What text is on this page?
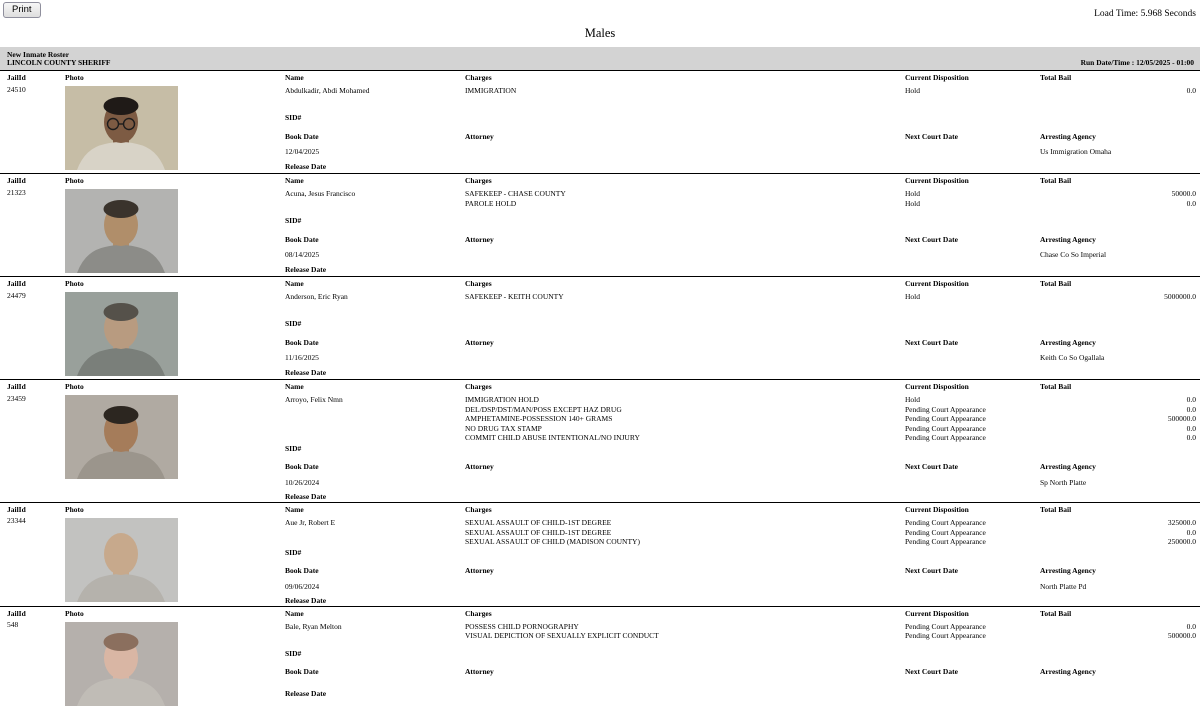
Print	Load Time: 5.968 Seconds
Males
New Inmate Roster
LINCOLN COUNTY SHERIFF	Run Date/Time : 12/05/2025 - 01:00
JailId
24510
Photo	Name	Charges	Current Disposition	Total Bail
Abdulkadir, Abdi Mohamed	IMMIGRATION	Hold	0.0
SID#
Book Date	Attorney	Next Court Date	Arresting Agency
12/04/2025	Us Immigration Omaha
Release Date
JailId
21323
Photo	Name	Charges	Current Disposition	Total Bail
Acuna, Jesus Francisco	SAFEKEEP - CHASE COUNTY	Hold	50000.0
PAROLE HOLD	Hold	0.0
SID#
Book Date	Attorney	Next Court Date	Arresting Agency
08/14/2025	Chase Co So Imperial
Release Date
JailId
24479
Photo	Name	Charges	Current Disposition	Total Bail
Anderson, Eric Ryan	SAFEKEEP - KEITH COUNTY	Hold	5000000.0
SID#
Book Date	Attorney	Next Court Date	Arresting Agency
11/16/2025	Keith Co So Ogallala
Release Date
JailId
23459
Photo	Name	Charges	Current Disposition	Total Bail
Arroyo, Felix Nmn	IMMIGRATION HOLD	Hold	0.0
DEL/DSP/DST/MAN/POSS EXCEPT HAZ DRUG	Pending Court Appearance	0.0
AMPHETAMINE-POSSESSION 140+ GRAMS	Pending Court Appearance	500000.0
NO DRUG TAX STAMP	Pending Court Appearance	0.0
COMMIT CHILD ABUSE INTENTIONAL/NO INJURY	Pending Court Appearance	0.0
SID#
Book Date	Attorney	Next Court Date	Arresting Agency
10/26/2024	Sp North Platte
Release Date
JailId
23344
Photo	Name	Charges	Current Disposition	Total Bail
Aue Jr, Robert E	SEXUAL ASSAULT OF CHILD-1ST DEGREE	Pending Court Appearance	325000.0
SEXUAL ASSAULT OF CHILD-1ST DEGREE	Pending Court Appearance	0.0
SEXUAL ASSAULT OF CHILD (MADISON COUNTY)	Pending Court Appearance	250000.0
SID#
Book Date	Attorney	Next Court Date	Arresting Agency
09/06/2024	North Platte Pd
Release Date
JailId
548
Photo	Name	Charges	Current Disposition	Total Bail
Bale, Ryan Melton	POSSESS CHILD PORNOGRAPHY	Pending Court Appearance	0.0
VISUAL DEPICTION OF SEXUALLY EXPLICIT CONDUCT	Pending Court Appearance	500000.0
SID#
Book Date	Attorney	Next Court Date	Arresting Agency
Release Date
